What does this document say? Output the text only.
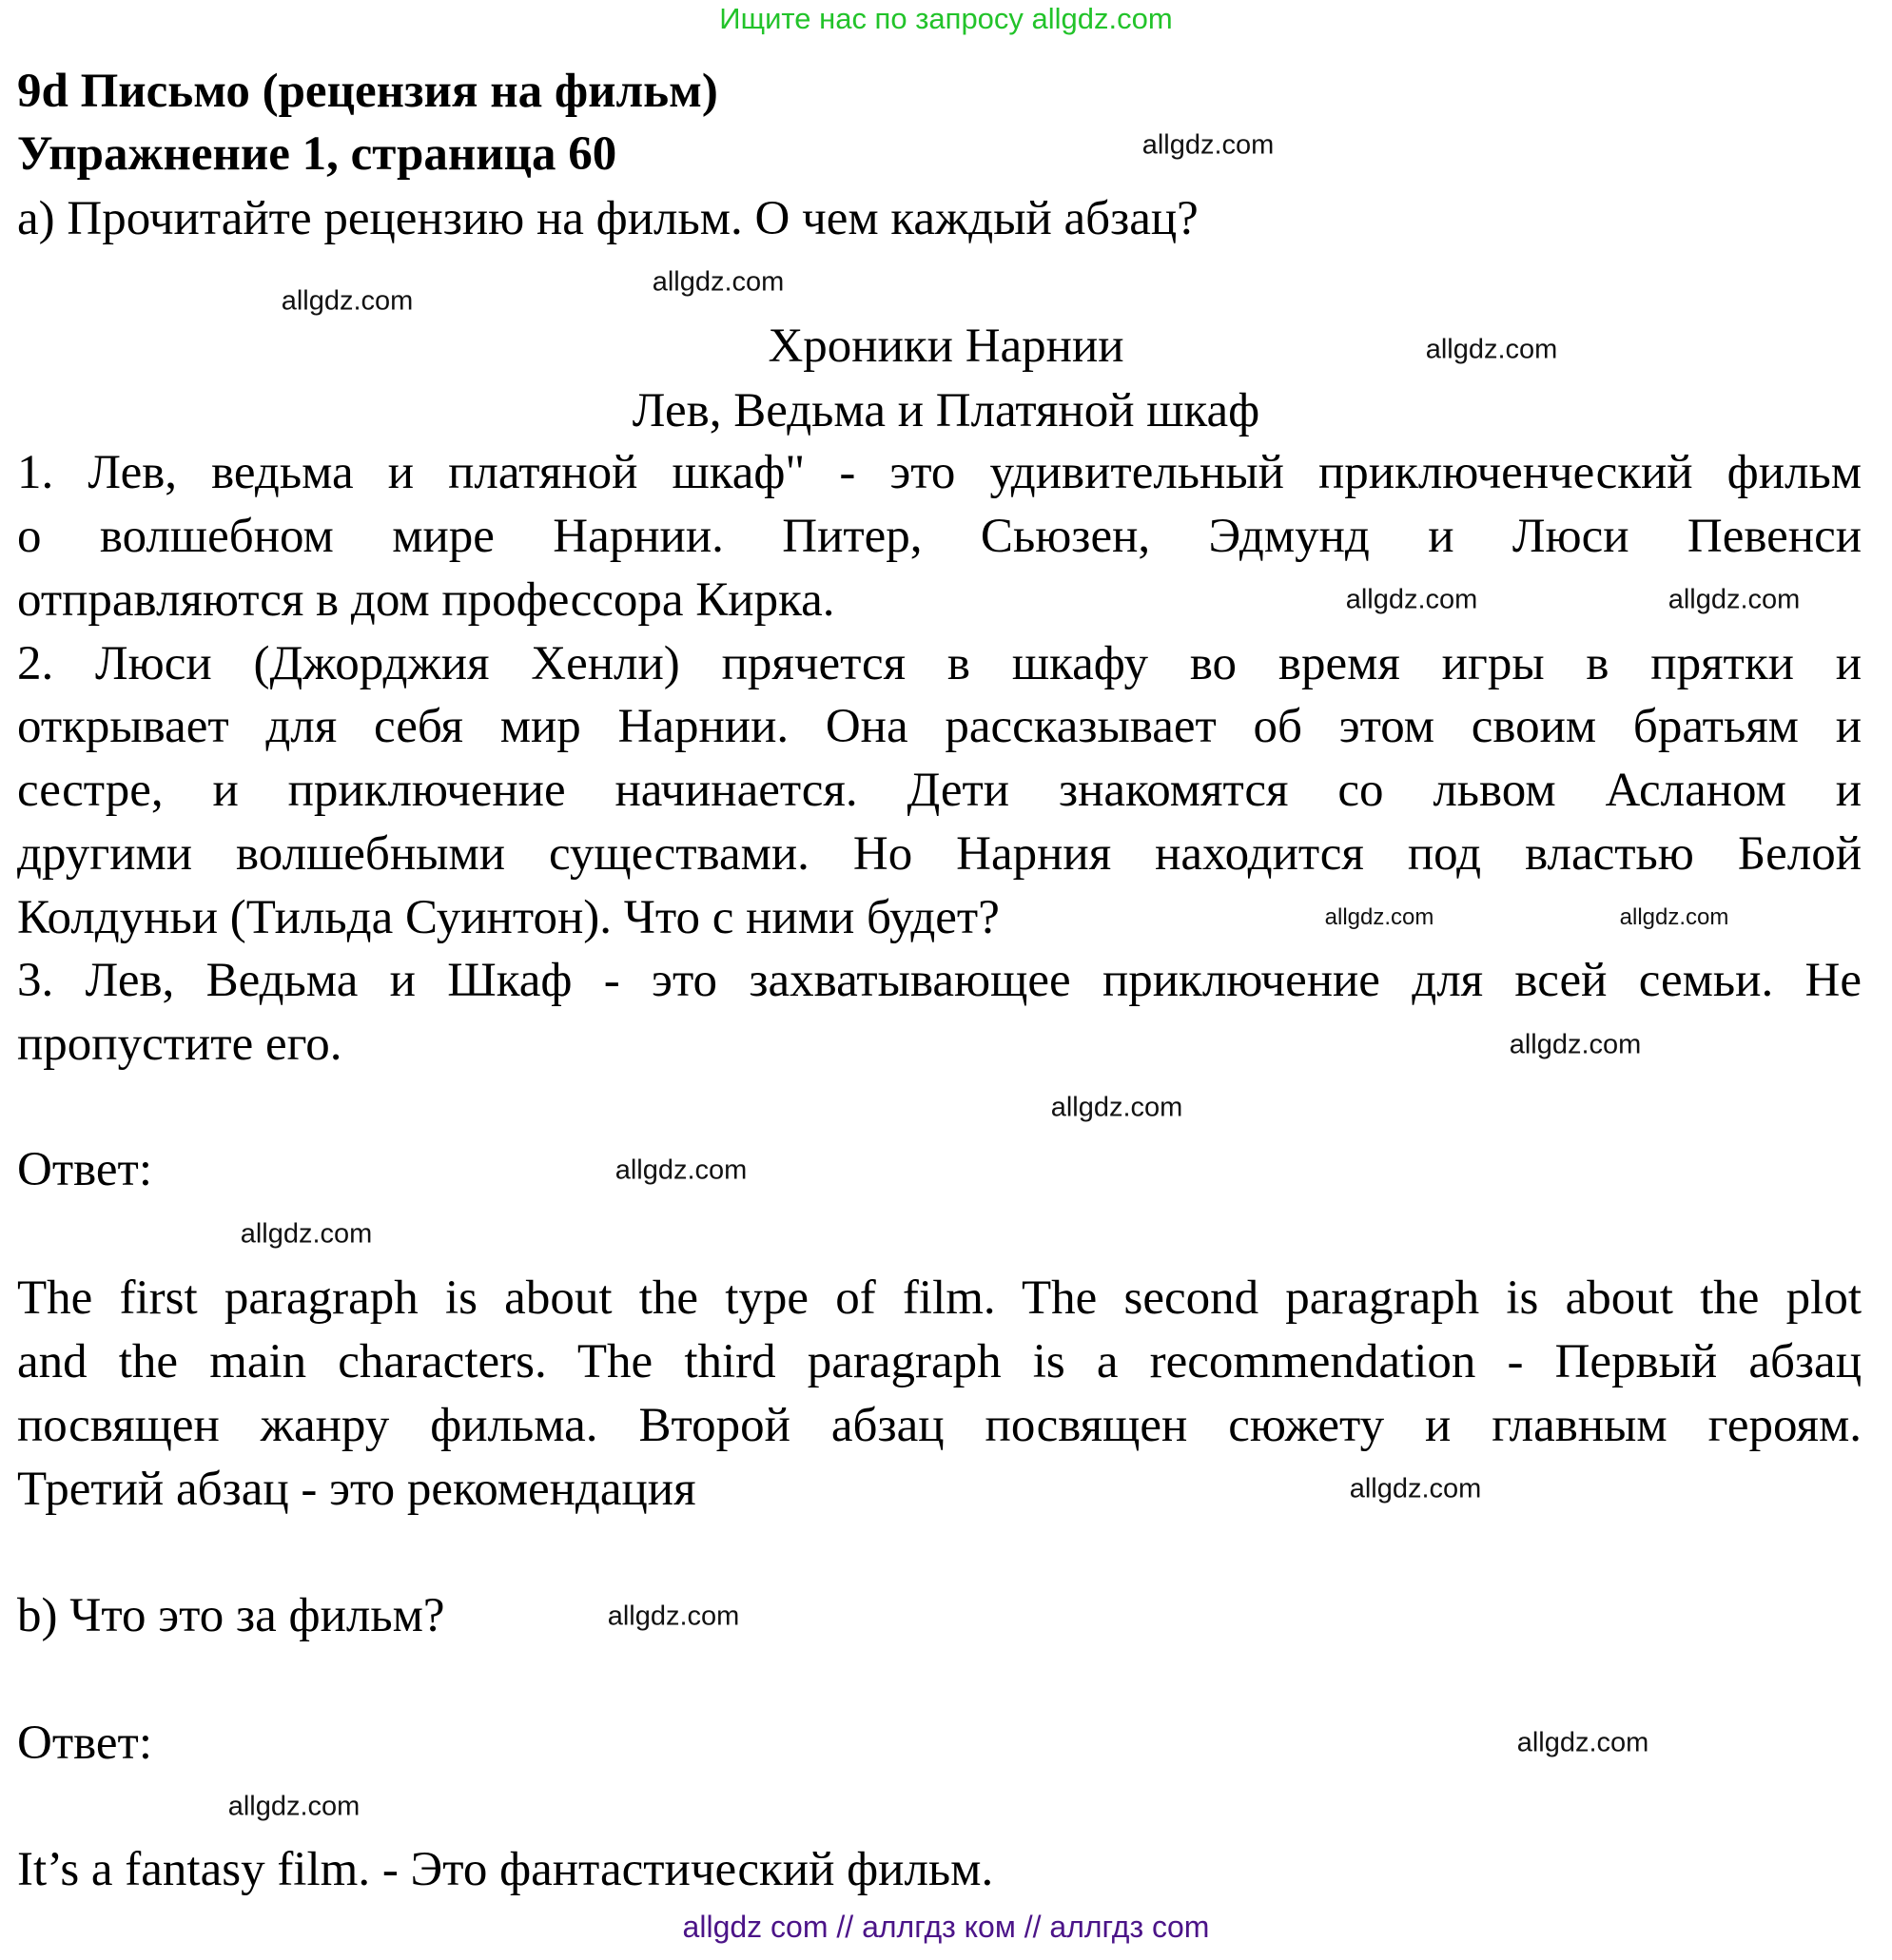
Ищите нас по запросу allgdz.com
9d Письмо (рецензия на фильм)
Упражнение 1, страница 60
a) Прочитайте рецензию на фильм. О чем каждый абзац?
Хроники Нарнии
Лев, Ведьма и Платяной шкаф
1. Лев, ведьма и платяной шкаф" - это удивительный приключенческий фильм
о волшебном мире Нарнии. Питер, Сьюзен, Эдмунд и Люси Певенси
отправляются в дом профессора Кирка.
2. Люси (Джорджия Хенли) прячется в шкафу во время игры в прятки и
открывает для себя мир Нарнии. Она рассказывает об этом своим братьям и
сестре, и приключение начинается. Дети знакомятся со львом Асланом и
другими волшебными существами. Но Нарния находится под властью Белой
Колдуньи (Тильда Суинтон). Что с ними будет?
3. Лев, Ведьма и Шкаф - это захватывающее приключение для всей семьи. Не
пропустите его.
Ответ:
The first paragraph is about the type of film. The second paragraph is about the plot
and the main characters. The third paragraph is a recommendation - Первый абзац
посвящен жанру фильма. Второй абзац посвящен сюжету и главным героям.
Третий абзац - это рекомендация
b) Что это за фильм?
Ответ:
It’s a fantasy film. - Это фантастический фильм.
allgdz.com
allgdz.com
allgdz.com
allgdz.com
allgdz.com	allgdz.com
allgdz.com	allgdz.com
allgdz.com
allgdz.com
allgdz.com
allgdz.com
allgdz.com
allgdz.com
allgdz.com
allgdz.com
allgdz com // аллгдз ком // аллгдз com
